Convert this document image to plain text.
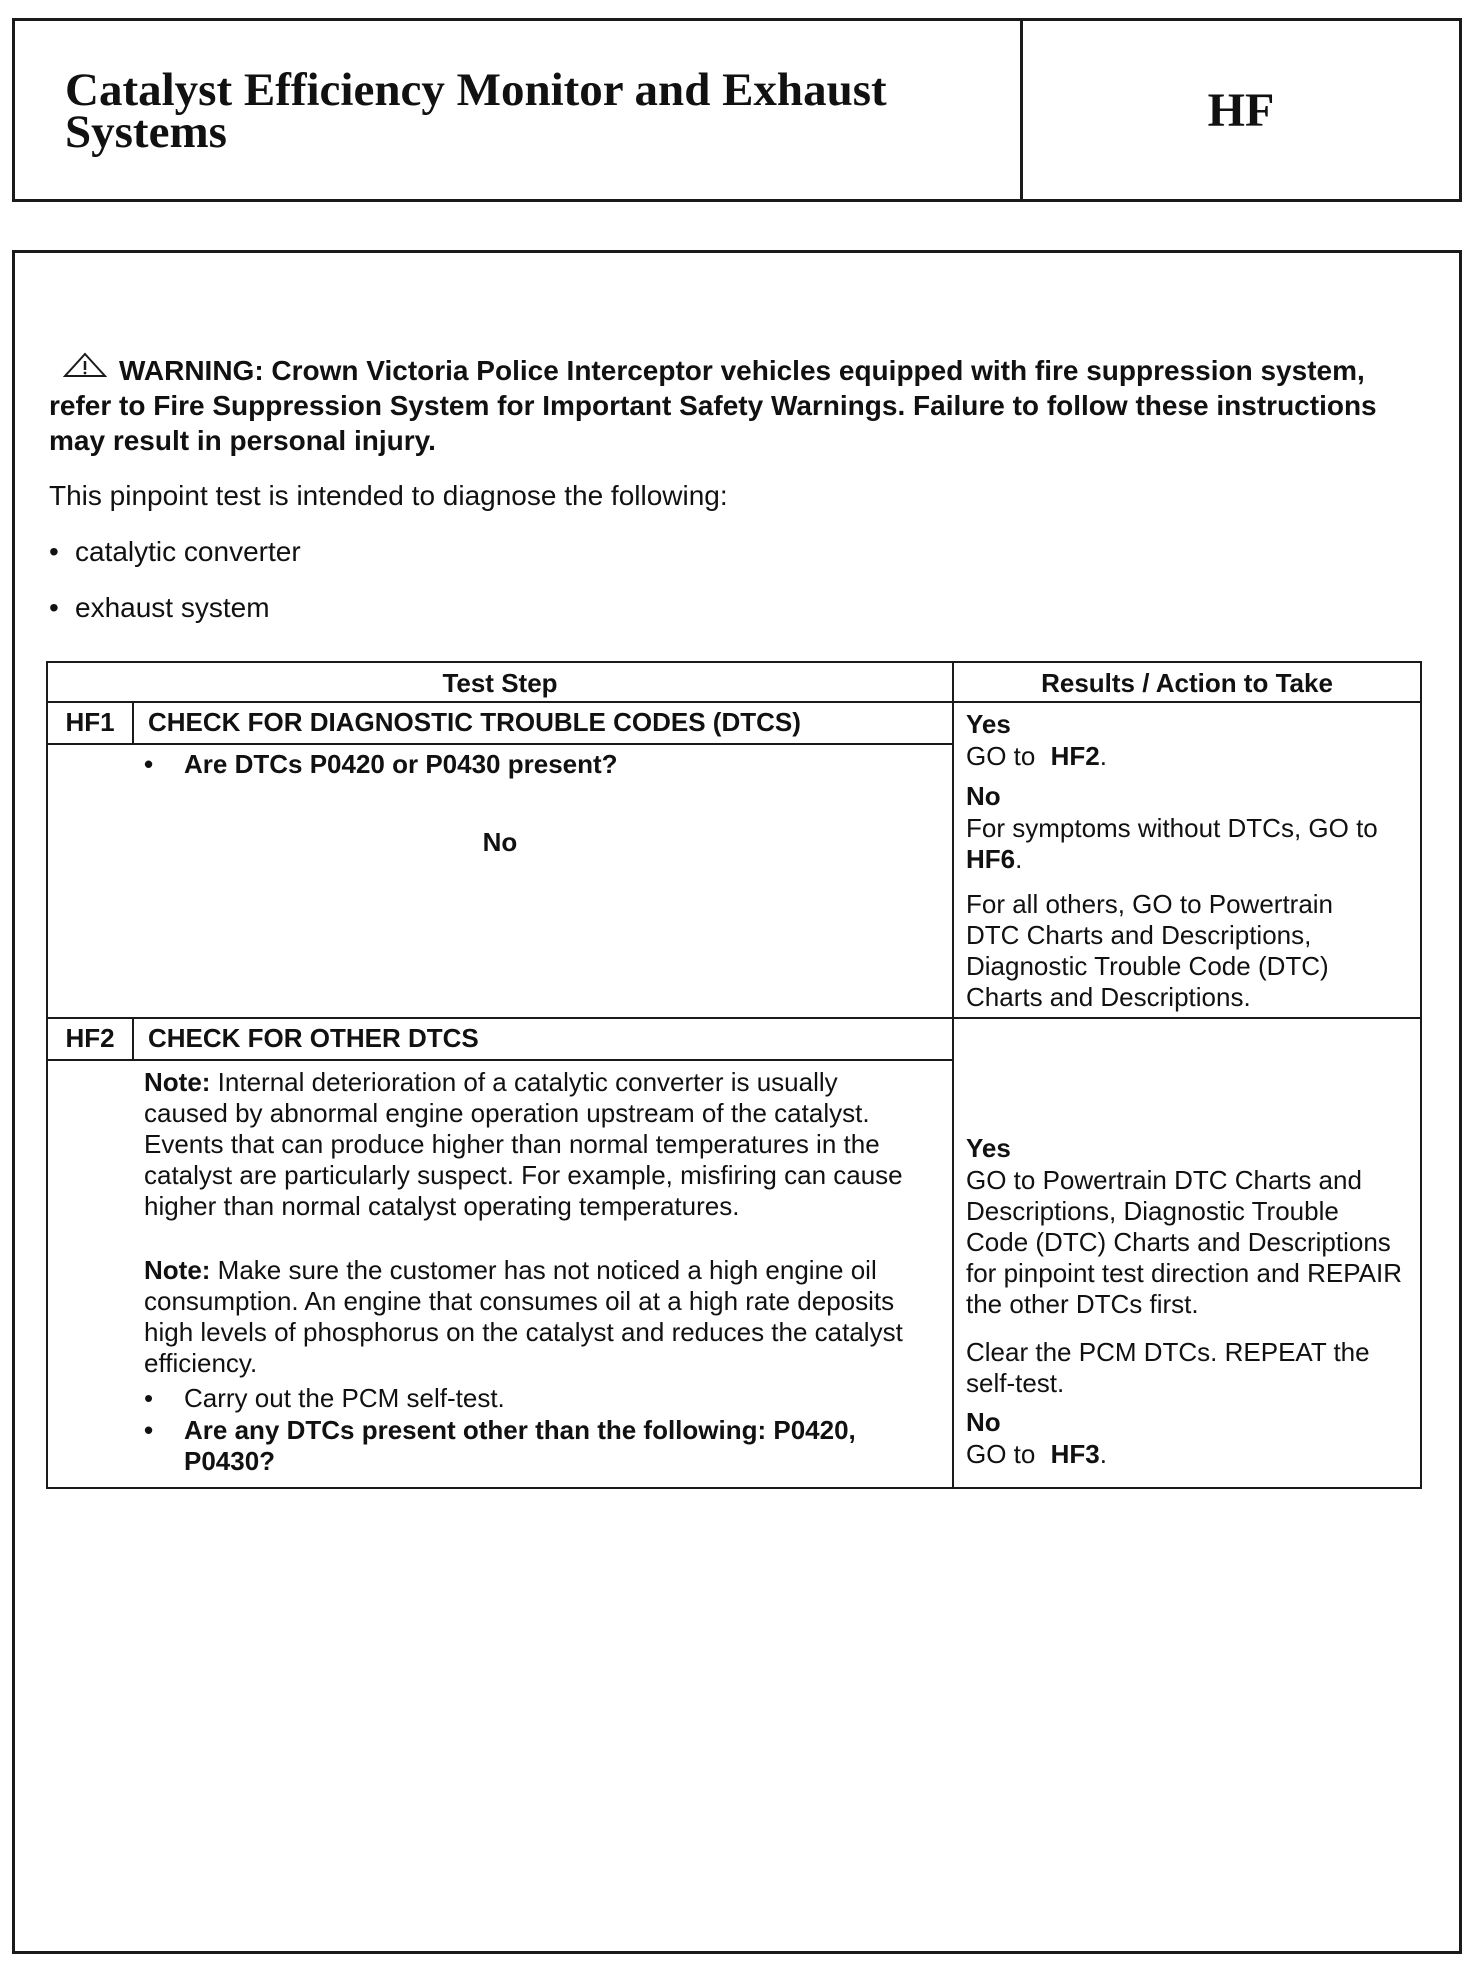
Catalyst Efficiency Monitor and Exhaust
Systems	HF
WARNING: Crown Victoria Police Interceptor vehicles equipped with fire suppression system, refer to Fire Suppression System for Important Safety Warnings. Failure to follow these instructions may result in personal injury.
This pinpoint test is intended to diagnose the following:
• catalytic converter
• exhaust system
Test Step	Results / Action to Take
HF1	CHECK FOR DIAGNOSTIC TROUBLE CODES (DTCS)
•	Are DTCs P0420 or P0430 present?
No
Yes
GO to HF2.
No
For symptoms without DTCs, GO to
HF6.
For all others, GO to Powertrain DTC Charts and Descriptions, Diagnostic Trouble Code (DTC) Charts and Descriptions.
HF2	CHECK FOR OTHER DTCS
Note: Internal deterioration of a catalytic converter is usually caused by abnormal engine operation upstream of the catalyst. Events that can produce higher than normal temperatures in the catalyst are particularly suspect. For example, misfiring can cause higher than normal catalyst operating temperatures.
Note: Make sure the customer has not noticed a high engine oil consumption. An engine that consumes oil at a high rate deposits high levels of phosphorus on the catalyst and reduces the catalyst efficiency.
•	Carry out the PCM self-test.
•	Are any DTCs present other than the following: P0420, P0430?
Yes
GO to Powertrain DTC Charts and Descriptions, Diagnostic Trouble Code (DTC) Charts and Descriptions for pinpoint test direction and REPAIR the other DTCs first.
Clear the PCM DTCs. REPEAT the self-test.
No
GO to HF3.
